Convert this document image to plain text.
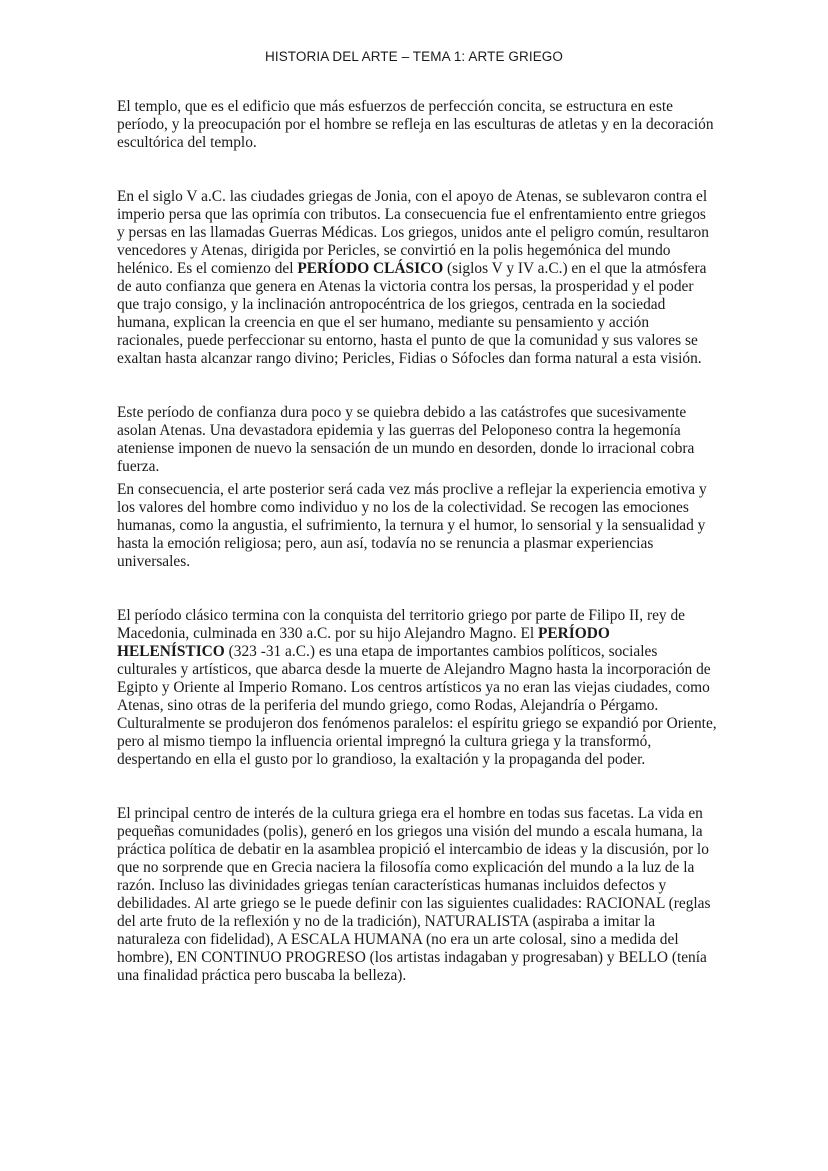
HISTORIA DEL ARTE – TEMA 1: ARTE GRIEGO

El templo, que es el edificio que más esfuerzos de perfección concita, se estructura en este período, y la preocupación por el hombre se refleja en las esculturas de atletas y en la decoración escultórica del templo.

En el siglo V a.C. las ciudades griegas de Jonia, con el apoyo de Atenas, se sublevaron contra el imperio persa que las oprimía con tributos. La consecuencia fue el enfrentamiento entre griegos y persas en las llamadas Guerras Médicas. Los griegos, unidos ante el peligro común, resultaron vencedores y Atenas, dirigida por Pericles, se convirtió en la polis hegemónica del mundo helénico. Es el comienzo del PERÍODO CLÁSICO (siglos V y IV a.C.) en el que la atmósfera de auto confianza que genera en Atenas la victoria contra los persas, la prosperidad y el poder que trajo consigo, y la inclinación antropocéntrica de los griegos, centrada en la sociedad humana, explican la creencia en que el ser humano, mediante su pensamiento y acción racionales, puede perfeccionar su entorno, hasta el punto de que la comunidad y sus valores se exaltan hasta alcanzar rango divino; Pericles, Fidias o Sófocles dan forma natural a esta visión.

Este período de confianza dura poco y se quiebra debido a las catástrofes que sucesivamente asolan Atenas. Una devastadora epidemia y las guerras del Peloponeso contra la hegemonía ateniense imponen de nuevo la sensación de un mundo en desorden, donde lo irracional cobra fuerza.

En consecuencia, el arte posterior será cada vez más proclive a reflejar la experiencia emotiva y los valores del hombre como individuo y no los de la colectividad. Se recogen las emociones humanas, como la angustia, el sufrimiento, la ternura y el humor, lo sensorial y la sensualidad y hasta la emoción religiosa; pero, aun así, todavía no se renuncia a plasmar experiencias universales.

El período clásico termina con la conquista del territorio griego por parte de Filipo II, rey de Macedonia, culminada en 330 a.C. por su hijo Alejandro Magno. El PERÍODO HELENÍSTICO (323 -31 a.C.) es una etapa de importantes cambios políticos, sociales culturales y artísticos, que abarca desde la muerte de Alejandro Magno hasta la incorporación de Egipto y Oriente al Imperio Romano. Los centros artísticos ya no eran las viejas ciudades, como Atenas, sino otras de la periferia del mundo griego, como Rodas, Alejandría o Pérgamo. Culturalmente se produjeron dos fenómenos paralelos: el espíritu griego se expandió por Oriente, pero al mismo tiempo la influencia oriental impregnó la cultura griega y la transformó, despertando en ella el gusto por lo grandioso, la exaltación y la propaganda del poder.

El principal centro de interés de la cultura griega era el hombre en todas sus facetas. La vida en pequeñas comunidades (polis), generó en los griegos una visión del mundo a escala humana, la práctica política de debatir en la asamblea propició el intercambio de ideas y la discusión, por lo que no sorprende que en Grecia naciera la filosofía como explicación del mundo a la luz de la razón. Incluso las divinidades griegas tenían características humanas incluidos defectos y debilidades. Al arte griego se le puede definir con las siguientes cualidades: RACIONAL (reglas del arte fruto de la reflexión y no de la tradición), NATURALISTA (aspiraba a imitar la naturaleza con fidelidad), A ESCALA HUMANA (no era un arte colosal, sino a medida del hombre), EN CONTINUO PROGRESO (los artistas indagaban y progresaban) y BELLO (tenía una finalidad práctica pero buscaba la belleza).
